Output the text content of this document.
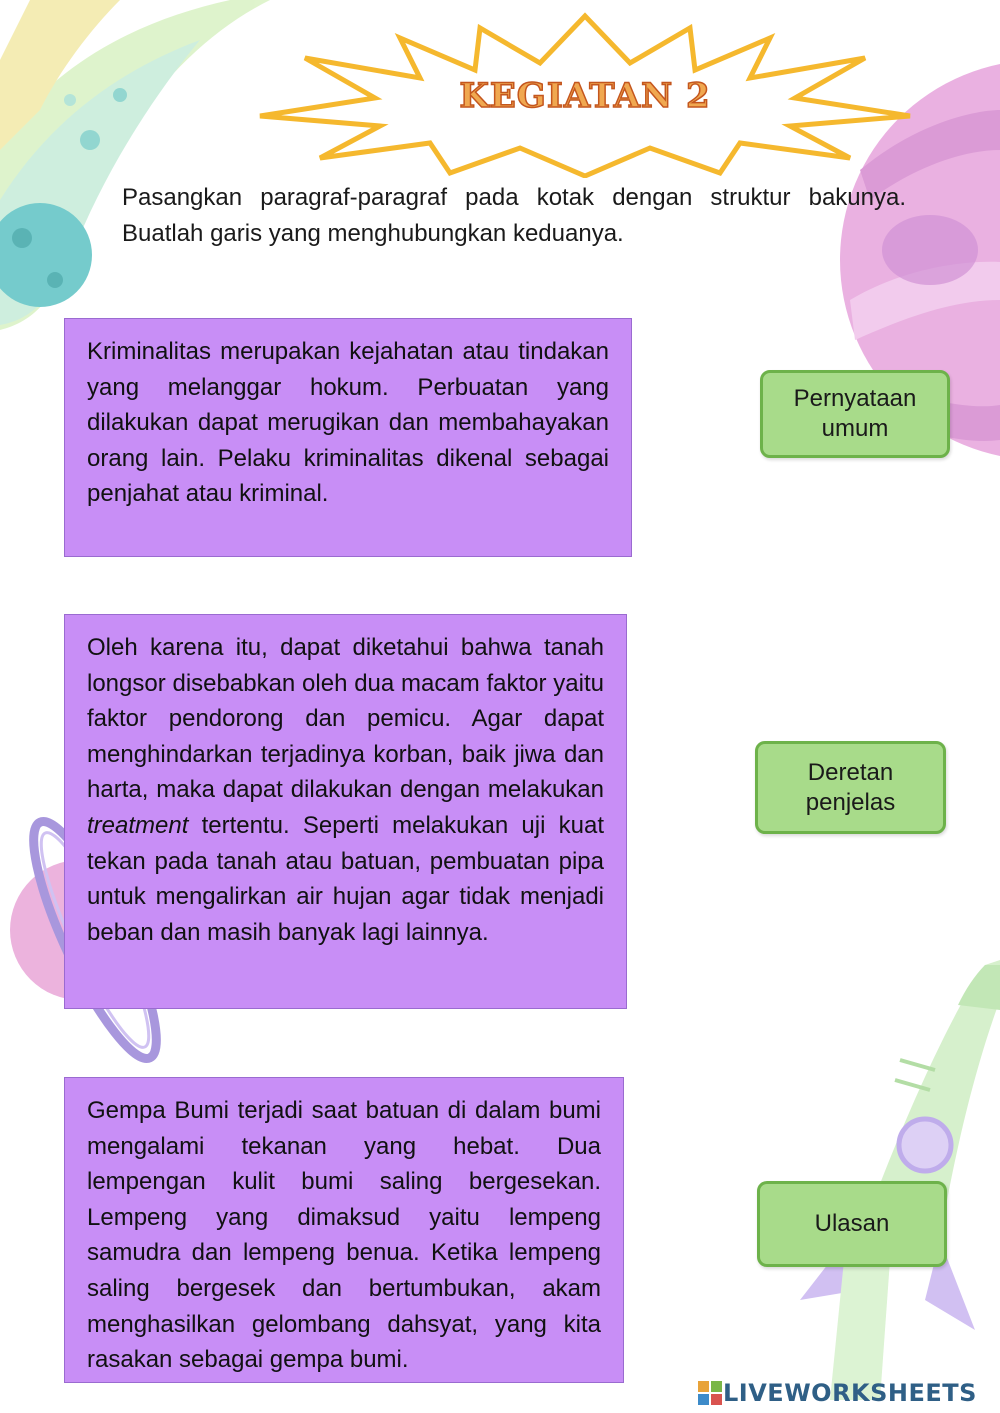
KEGIATAN 2
Pasangkan paragraf-paragraf pada kotak dengan struktur bakunya. Buatlah garis yang menghubungkan keduanya.
Kriminalitas merupakan kejahatan atau tindakan yang melanggar hokum. Perbuatan yang dilakukan dapat merugikan dan membahayakan orang lain. Pelaku kriminalitas dikenal sebagai penjahat atau kriminal.
Oleh karena itu, dapat diketahui bahwa tanah longsor disebabkan oleh dua macam faktor yaitu faktor pendorong dan pemicu. Agar dapat menghindarkan terjadinya korban, baik jiwa dan harta, maka dapat dilakukan dengan melakukan treatment tertentu. Seperti melakukan uji kuat tekan pada tanah atau batuan, pembuatan pipa untuk mengalirkan air hujan agar tidak menjadi beban dan masih banyak lagi lainnya.
Gempa Bumi terjadi saat batuan di dalam bumi mengalami tekanan yang hebat. Dua lempengan kulit bumi saling bergesekan. Lempeng yang dimaksud yaitu lempeng samudra dan lempeng benua. Ketika lempeng saling bergesek dan bertumbukan, akam menghasilkan gelombang dahsyat, yang kita rasakan sebagai gempa bumi.
Pernyataan umum
Deretan penjelas
Ulasan
LIVEWORKSHEETS
